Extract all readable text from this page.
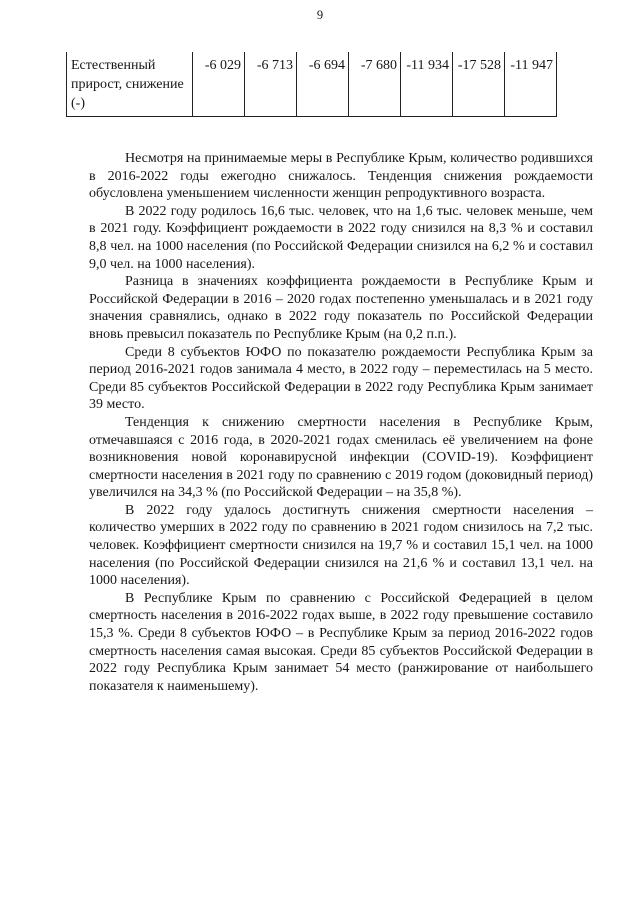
9
Естественный прирост, снижение (-)	-6 029	-6 713	-6 694	-7 680	-11 934	-17 528	-11 947

Несмотря на принимаемые меры в Республике Крым, количество родившихся в 2016-2022 годы ежегодно снижалось. Тенденция снижения рождаемости обусловлена уменьшением численности женщин репродуктивного возраста.

В 2022 году родилось 16,6 тыс. человек, что на 1,6 тыс. человек меньше, чем в 2021 году. Коэффициент рождаемости в 2022 году снизился на 8,3 % и составил 8,8 чел. на 1000 населения (по Российской Федерации снизился на 6,2 % и составил 9,0 чел. на 1000 населения).

Разница в значениях коэффициента рождаемости в Республике Крым и Российской Федерации в 2016 – 2020 годах постепенно уменьшалась и в 2021 году значения сравнялись, однако в 2022 году показатель по Российской Федерации вновь превысил показатель по Республике Крым (на 0,2 п.п.).

Среди 8 субъектов ЮФО по показателю рождаемости Республика Крым за период 2016-2021 годов занимала 4 место, в 2022 году – переместилась на 5 место. Среди 85 субъектов Российской Федерации в 2022 году Республика Крым занимает 39 место.

Тенденция к снижению смертности населения в Республике Крым, отмечавшаяся с 2016 года, в 2020-2021 годах сменилась её увеличением на фоне возникновения новой коронавирусной инфекции (COVID-19). Коэффициент смертности населения в 2021 году по сравнению с 2019 годом (доковидный период) увеличился на 34,3 % (по Российской Федерации – на 35,8 %).

В 2022 году удалось достигнуть снижения смертности населения – количество умерших в 2022 году по сравнению в 2021 годом снизилось на 7,2 тыс. человек. Коэффициент смертности снизился на 19,7 % и составил 15,1 чел. на 1000 населения (по Российской Федерации снизился на 21,6 % и составил 13,1 чел. на 1000 населения).

В Республике Крым по сравнению с Российской Федерацией в целом смертность населения в 2016-2022 годах выше, в 2022 году превышение составило 15,3 %. Среди 8 субъектов ЮФО – в Республике Крым за период 2016-2022 годов смертность населения самая высокая. Среди 85 субъектов Российской Федерации в 2022 году Республика Крым занимает 54 место (ранжирование от наибольшего показателя к наименьшему).
